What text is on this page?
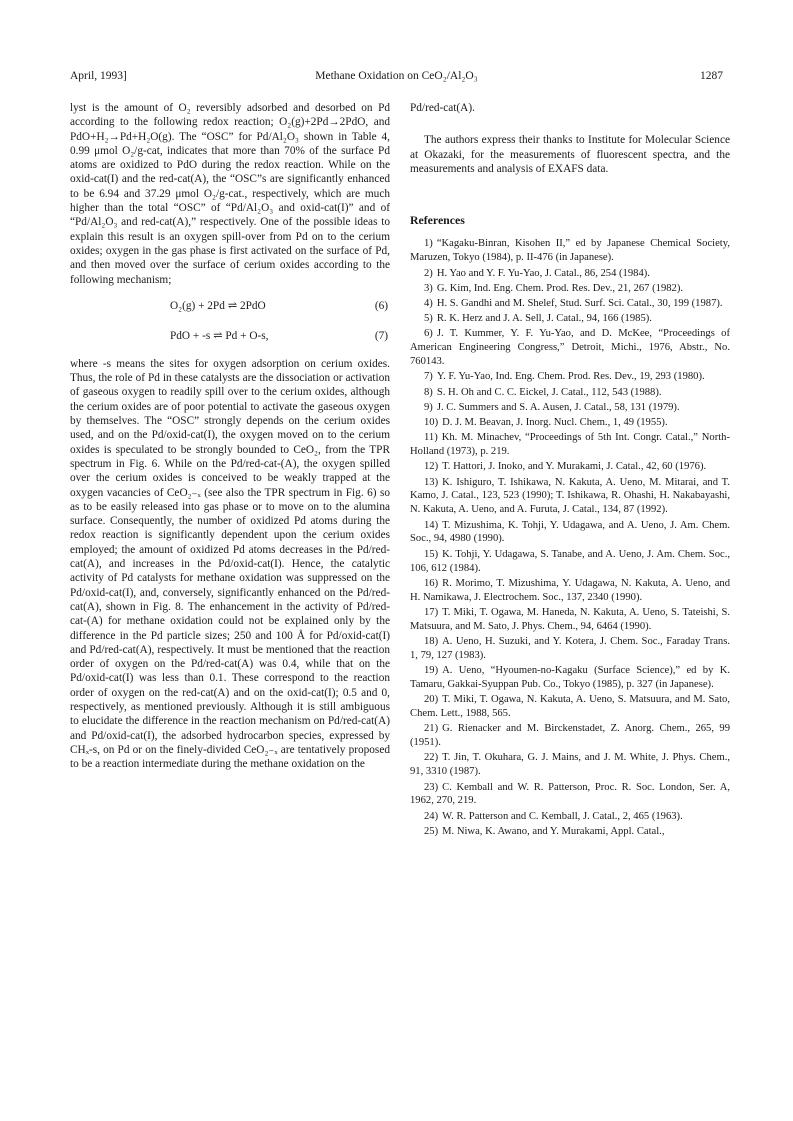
April, 1993]	Methane Oxidation on CeO₂/Al₂O₃	1287

lyst is the amount of O₂ reversibly adsorbed and desorbed on Pd according to the following redox reaction; O₂(g)+2Pd→2PdO, and PdO+H₂→Pd+H₂O(g). The “OSC” for Pd/Al₂O₃ shown in Table 4, 0.99 μmol O₂/g-cat, indicates that more than 70% of the surface Pd atoms are oxidized to PdO during the redox reaction. While on the oxid-cat(I) and the red-cat(A), the “OSC”s are significantly enhanced to be 6.94 and 37.29 μmol O₂/g-cat., respectively, which are much higher than the total “OSC” of “Pd/Al₂O₃ and oxid-cat(I)” and of “Pd/Al₂O₃ and red-cat(A),” respectively. One of the possible ideas to explain this result is an oxygen spill-over from Pd on to the cerium oxides; oxygen in the gas phase is first activated on the surface of Pd, and then moved over the surface of cerium oxides according to the following mechanism;

O₂(g) + 2Pd ⇌ 2PdO	(6)
PdO + -s ⇌ Pd + O-s,	(7)

where -s means the sites for oxygen adsorption on cerium oxides. Thus, the role of Pd in these catalysts are the dissociation or activation of gaseous oxygen to readily spill over to the cerium oxides, although the cerium oxides are of poor potential to activate the gaseous oxygen by themselves. The “OSC” strongly depends on the cerium oxides used, and on the Pd/oxid-cat(I), the oxygen moved on to the cerium oxides is speculated to be strongly bounded to CeO₂, from the TPR spectrum in Fig. 6. While on the Pd/red-cat-(A), the oxygen spilled over the cerium oxides is conceived to be weakly trapped at the oxygen vacancies of CeO₂₋ₓ (see also the TPR spectrum in Fig. 6) so as to be easily released into gas phase or to move on to the alumina surface. Consequently, the number of oxidized Pd atoms during the redox reaction is significantly dependent upon the cerium oxides employed; the amount of oxidized Pd atoms decreases in the Pd/red-cat(A), and increases in the Pd/oxid-cat(I). Hence, the catalytic activity of Pd catalysts for methane oxidation was suppressed on the Pd/oxid-cat(I), and, conversely, significantly enhanced on the Pd/red-cat(A), shown in Fig. 8. The enhancement in the activity of Pd/red-cat-(A) for methane oxidation could not be explained only by the difference in the Pd particle sizes; 250 and 100 Å for Pd/oxid-cat(I) and Pd/red-cat(A), respectively. It must be mentioned that the reaction order of oxygen on the Pd/red-cat(A) was 0.4, while that on the Pd/oxid-cat(I) was less than 0.1. These correspond to the reaction order of oxygen on the red-cat(A) and on the oxid-cat(I); 0.5 and 0, respectively, as mentioned previously. Although it is still ambiguous to elucidate the difference in the reaction mechanism on Pd/red-cat(A) and Pd/oxid-cat(I), the adsorbed hydrocarbon species, expressed by CHₓ-s, on Pd or on the finely-divided CeO₂₋ₓ are tentatively proposed to be a reaction intermediate during the methane oxidation on the

Pd/red-cat(A).

The authors express their thanks to Institute for Molecular Science at Okazaki, for the measurements of fluorescent spectra, and the measurements and analysis of EXAFS data.

References
1) “Kagaku-Binran, Kisohen II,” ed by Japanese Chemical Society, Maruzen, Tokyo (1984), p. II-476 (in Japanese).
2) H. Yao and Y. F. Yu-Yao, J. Catal., 86, 254 (1984).
3) G. Kim, Ind. Eng. Chem. Prod. Res. Dev., 21, 267 (1982).
4) H. S. Gandhi and M. Shelef, Stud. Surf. Sci. Catal., 30, 199 (1987).
5) R. K. Herz and J. A. Sell, J. Catal., 94, 166 (1985).
6) J. T. Kummer, Y. F. Yu-Yao, and D. McKee, “Proceedings of American Engineering Congress,” Detroit, Michi., 1976, Abstr., No. 760143.
7) Y. F. Yu-Yao, Ind. Eng. Chem. Prod. Res. Dev., 19, 293 (1980).
8) S. H. Oh and C. C. Eickel, J. Catal., 112, 543 (1988).
9) J. C. Summers and S. A. Ausen, J. Catal., 58, 131 (1979).
10) D. J. M. Beavan, J. Inorg. Nucl. Chem., 1, 49 (1955).
11) Kh. M. Minachev, “Proceedings of 5th Int. Congr. Catal.,” North-Holland (1973), p. 219.
12) T. Hattori, J. Inoko, and Y. Murakami, J. Catal., 42, 60 (1976).
13) K. Ishiguro, T. Ishikawa, N. Kakuta, A. Ueno, M. Mitarai, and T. Kamo, J. Catal., 123, 523 (1990); T. Ishikawa, R. Ohashi, H. Nakabayashi, N. Kakuta, A. Ueno, and A. Furuta, J. Catal., 134, 87 (1992).
14) T. Mizushima, K. Tohji, Y. Udagawa, and A. Ueno, J. Am. Chem. Soc., 94, 4980 (1990).
15) K. Tohji, Y. Udagawa, S. Tanabe, and A. Ueno, J. Am. Chem. Soc., 106, 612 (1984).
16) R. Morimo, T. Mizushima, Y. Udagawa, N. Kakuta, A. Ueno, and H. Namikawa, J. Electrochem. Soc., 137, 2340 (1990).
17) T. Miki, T. Ogawa, M. Haneda, N. Kakuta, A. Ueno, S. Tateishi, S. Matsuura, and M. Sato, J. Phys. Chem., 94, 6464 (1990).
18) A. Ueno, H. Suzuki, and Y. Kotera, J. Chem. Soc., Faraday Trans. 1, 79, 127 (1983).
19) A. Ueno, “Hyoumen-no-Kagaku (Surface Science),” ed by K. Tamaru, Gakkai-Syuppan Pub. Co., Tokyo (1985), p. 327 (in Japanese).
20) T. Miki, T. Ogawa, N. Kakuta, A. Ueno, S. Matsuura, and M. Sato, Chem. Lett., 1988, 565.
21) G. Rienacker and M. Birckenstadet, Z. Anorg. Chem., 265, 99 (1951).
22) T. Jin, T. Okuhara, G. J. Mains, and J. M. White, J. Phys. Chem., 91, 3310 (1987).
23) C. Kemball and W. R. Patterson, Proc. R. Soc. London, Ser. A, 1962, 270, 219.
24) W. R. Patterson and C. Kemball, J. Catal., 2, 465 (1963).
25) M. Niwa, K. Awano, and Y. Murakami, Appl. Catal.,
